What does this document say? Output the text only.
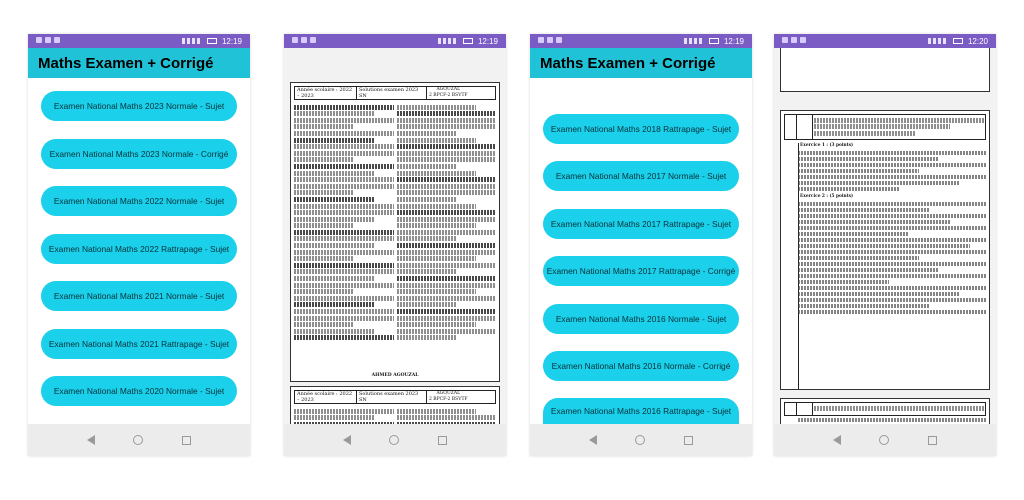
12:19
Maths Examen + Corrigé
Examen National Maths 2023 Normale - Sujet
Examen National Maths 2023 Normale - Corrigé
Examen National Maths 2022 Normale - Sujet
Examen National Maths 2022 Rattrapage - Sujet
Examen National Maths 2021 Normale - Sujet
Examen National Maths 2021 Rattrapage - Sujet
Examen National Maths 2020 Normale - Sujet
12:19
Année scolaire : 2022 – 2023
Solutions examen 2023 SN
AGOUZAL
2 BPCF-2 BSVTF
AHMED AGOUZAL
Année scolaire : 2022 – 2023
Solutions examen 2023 SN
AGOUZAL
2 BPCF-2 BSVTF
12:19
Maths Examen + Corrigé
Examen National Maths 2018 Rattrapage - Sujet
Examen National Maths 2017 Normale - Sujet
Examen National Maths 2017 Rattrapage - Sujet
Examen National Maths 2017 Rattrapage - Corrigé
Examen National Maths 2016 Normale - Sujet
Examen National Maths 2016 Normale - Corrigé
Examen National Maths 2016 Rattrapage - Sujet
12:20
Exercice 1 : (3 points)
Exercice 2 : (5 points)
